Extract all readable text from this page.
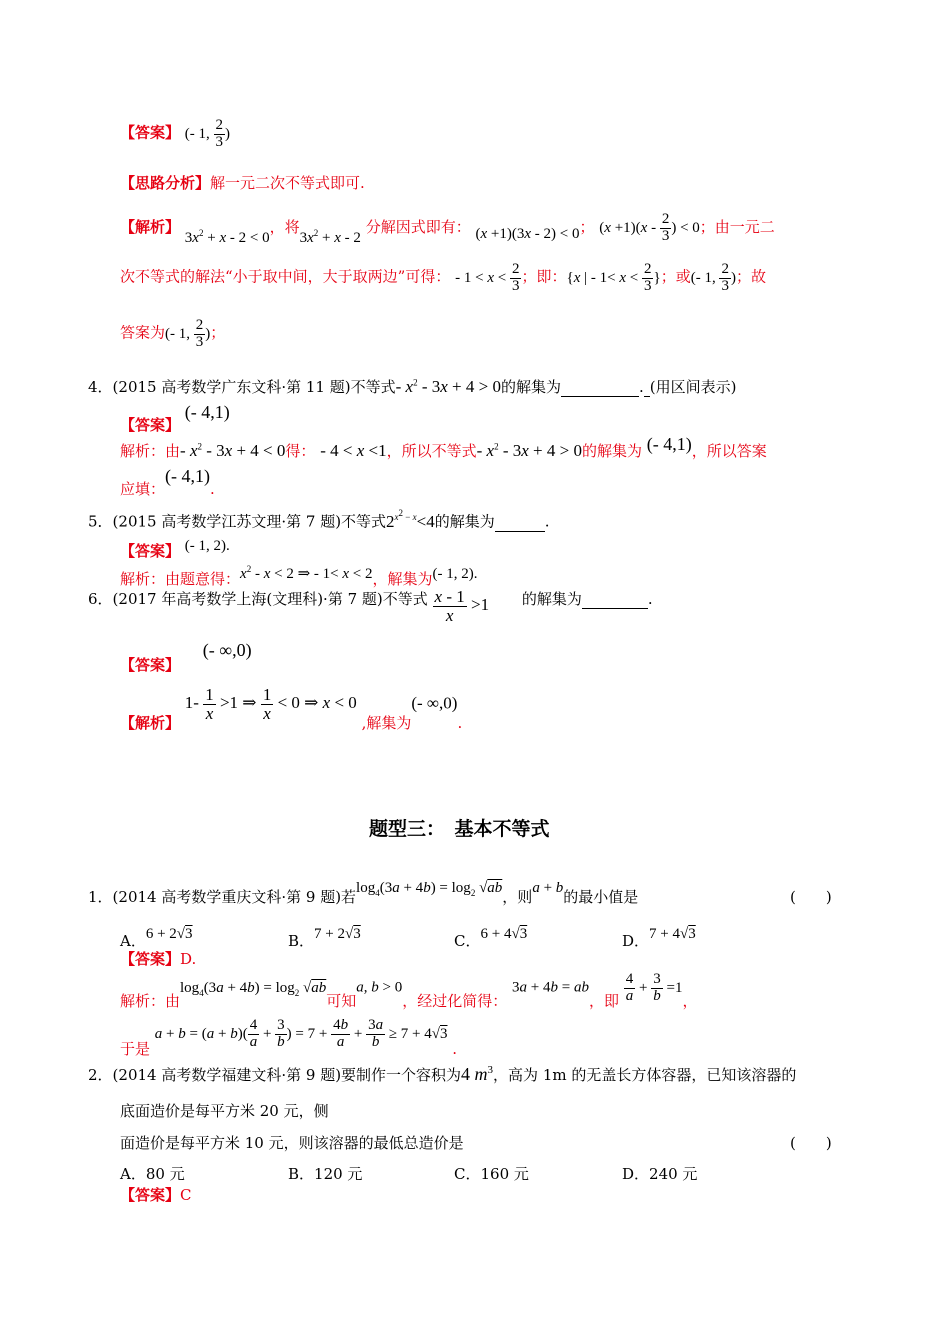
【答案】 (- 1, $\frac{2}{3}$ )
【思路分析】解一元二次不等式即可.
【解析】 $3x^2 + x - 2 < 0$，将$3x^2 + x - 2$ 分解因式即有： (x +1)(3x - 2) < 0； $(x +1)(x - \frac{2}{3}$ ) < 0；由一元二
次不等式的解法“小于取中间，大于取两边”可得： - $1 < x < \frac{2}{3}$ ；即：{x | - $1< x < \frac{2}{3}$ }；或(- 1, $\frac{2}{3}$ )；故
答案为(- 1, $\frac{2}{3}$ )；
4．(2015 高考数学广东文科·第 11 题)不等式- $x^2 - 3x + 4 > 0$的解集为	. (用区间表示)
【答案】 (- 4,1)
解析：由- $x^2 - 3x + 4 < 0$得： - 4 < x <1，所以不等式- $x^2 - 3x + 4 > 0$的解集为 (- 4,1)，所以答案
应填：(- 4,1).
5．(2015 高考数学江苏文理·第 7 题)不等式$2^{x^2 - x}<4$的解集为	.
【答案】 (- 1, 2).
解析：由题意得：$x^2 - x < 2$ ⇒ - 1< x < 2，解集为(- 1, 2).
6．(2017 年高考数学上海(文理科)·第 7 题)不等式 $\frac{x - 1}{x} >1$ 的解集为	.
【答案】 (- ∞,0)
【解析】 $1- \frac{1}{x} >1$ ⇒ $\frac{1}{x} < 0$ ⇒ x < 0 ,解集为(- ∞,0).
题型三：　基本不等式
1．(2014 高考数学重庆文科·第 9 题)若$\log_4(3a + 4b) = \log_2 √ab$，则a + b的最小值是	(　　)
A．6 + 2√3	B．7 + 2√3	C．6 + 4√3	D．7 + 4√3
【答案】D.
解析：由$\log_4(3a + 4b) = \log_2 √ab$可知a, b > 0，经过化简得： 3a + 4b = ab，即 $\frac{4}{a} + \frac{3}{b} =1$，
于是 $a + b = (a + b)( \frac{4}{a} + \frac{3}{b}$ ) = $7 + \frac{4b}{a} + \frac{3a}{b} \ge 7 + 4√3$ .
2．(2014 高考数学福建文科·第 9 题)要制作一个容积为4 $m^3$，高为 1m 的无盖长方体容器，已知该溶器的
底面造价是每平方米 20 元，侧
面造价是每平方米 10 元，则该溶器的最低总造价是	(　　)
A．80 元	B．120 元	C．160 元	D．240 元
【答案】C
